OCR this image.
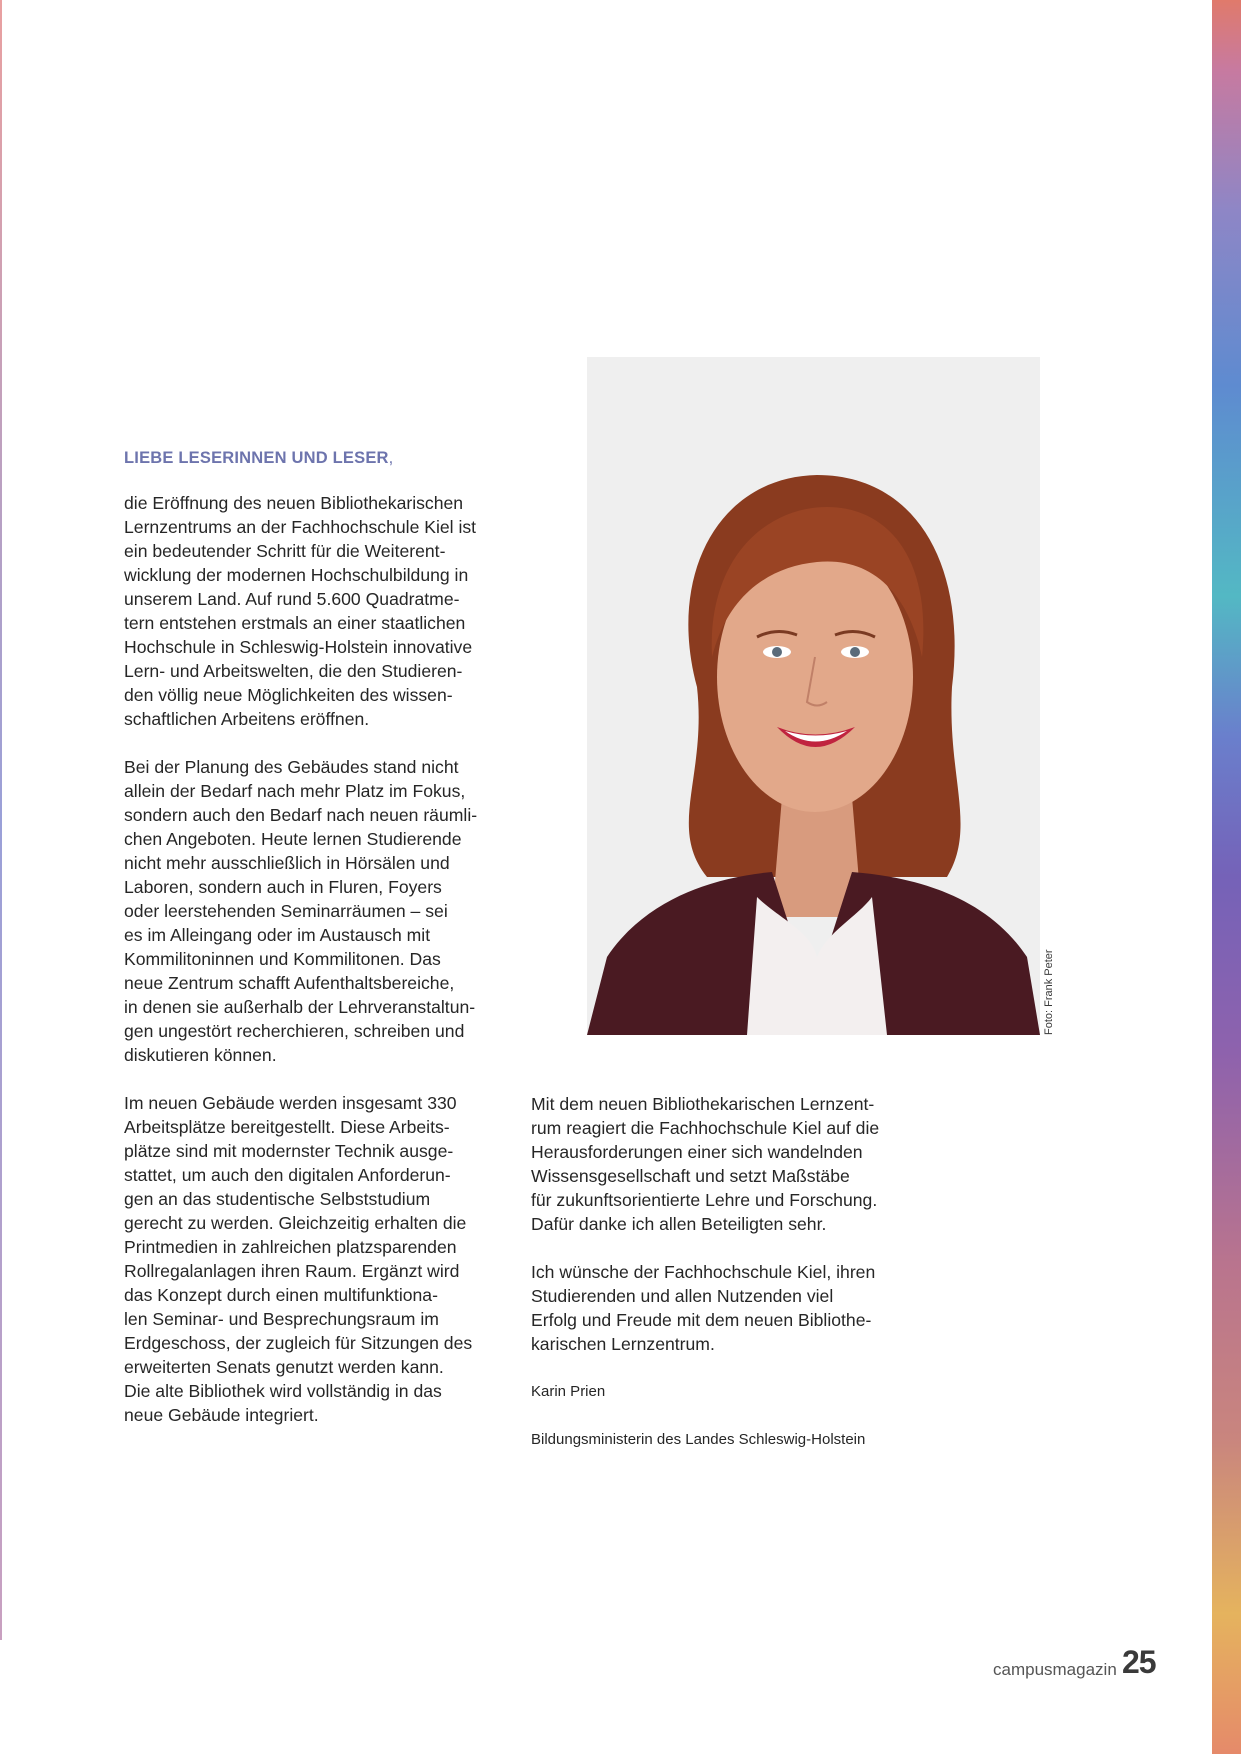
LIEBE LESERINNEN UND LESER,

die Eröffnung des neuen Bibliothekarischen
Lernzentrums an der Fachhochschule Kiel ist
ein bedeutender Schritt für die Weiterent-
wicklung der modernen Hochschulbildung in
unserem Land. Auf rund 5.600 Quadratme-
tern entstehen erstmals an einer staatlichen
Hochschule in Schleswig-Holstein innovative
Lern- und Arbeitswelten, die den Studieren-
den völlig neue Möglichkeiten des wissen-
schaftlichen Arbeitens eröffnen.

Bei der Planung des Gebäudes stand nicht
allein der Bedarf nach mehr Platz im Fokus,
sondern auch den Bedarf nach neuen räumli-
chen Angeboten. Heute lernen Studierende
nicht mehr ausschließlich in Hörsälen und
Laboren, sondern auch in Fluren, Foyers
oder leerstehenden Seminarräumen – sei
es im Alleingang oder im Austausch mit
Kommilitoninnen und Kommilitonen. Das
neue Zentrum schafft Aufenthaltsbereiche,
in denen sie außerhalb der Lehrveranstaltun-
gen ungestört recherchieren, schreiben und
diskutieren können.

Im neuen Gebäude werden insgesamt 330
Arbeitsplätze bereitgestellt. Diese Arbeits-
plätze sind mit modernster Technik ausge-
stattet, um auch den digitalen Anforderun-
gen an das studentische Selbststudium
gerecht zu werden. Gleichzeitig erhalten die
Printmedien in zahlreichen platzsparenden
Rollregalanlagen ihren Raum. Ergänzt wird
das Konzept durch einen multifunktiona-
len Seminar- und Besprechungsraum im
Erdgeschoss, der zugleich für Sitzungen des
erweiterten Senats genutzt werden kann.
Die alte Bibliothek wird vollständig in das
neue Gebäude integriert.

Foto: Frank Peter

Mit dem neuen Bibliothekarischen Lernzent-
rum reagiert die Fachhochschule Kiel auf die
Herausforderungen einer sich wandelnden
Wissensgesellschaft und setzt Maßstäbe
für zukunftsorientierte Lehre und Forschung.
Dafür danke ich allen Beteiligten sehr.

Ich wünsche der Fachhochschule Kiel, ihren
Studierenden und allen Nutzenden viel
Erfolg und Freude mit dem neuen Bibliothe-
karischen Lernzentrum.

Karin Prien

Bildungsministerin des Landes Schleswig-Holstein

campusmagazin 25
